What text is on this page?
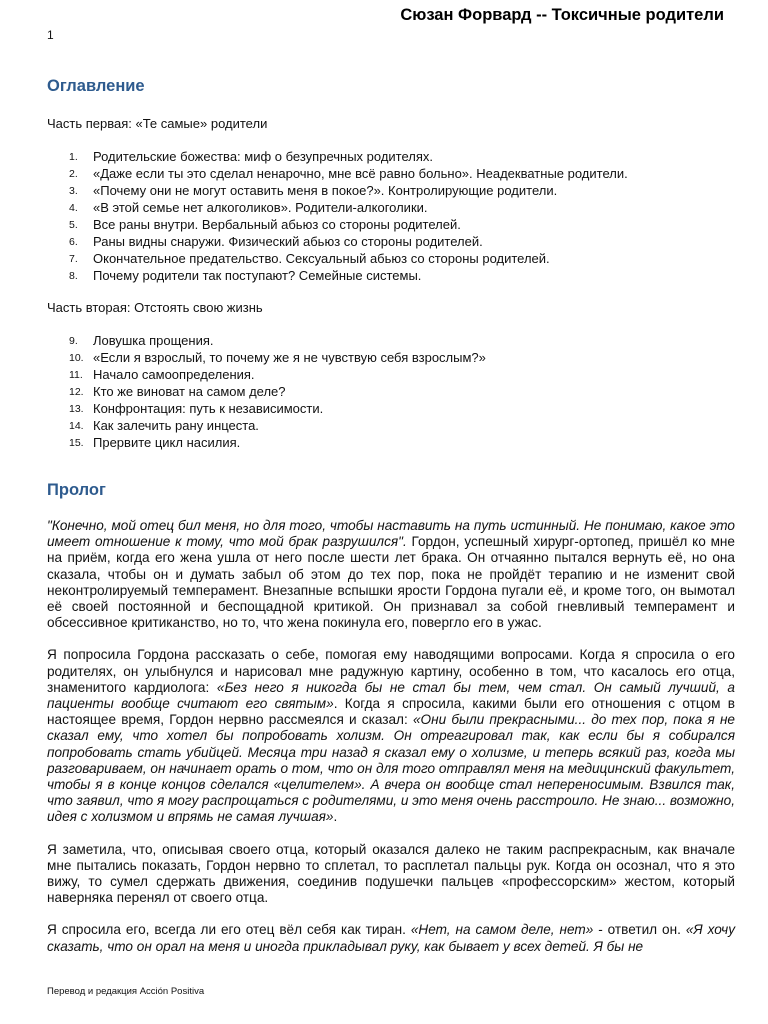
Сюзан Форвард -- Токсичные родители
1
Оглавление
Часть первая: «Те самые» родители
1.	Родительские божества: миф о безупречных родителях.
2.	«Даже если ты это сделал ненарочно, мне всё равно больно». Неадекватные родители.
3.	«Почему они не могут оставить меня в покое?». Контролирующие родители.
4.	«В этой семье нет алкоголиков». Родители-алкоголики.
5.	Все раны внутри. Вербальный абьюз со стороны родителей.
6.	Раны видны снаружи. Физический абьюз со стороны родителей.
7.	Окончательное предательство. Сексуальный абьюз со стороны родителей.
8.	Почему родители так поступают? Семейные системы.
Часть вторая: Отстоять свою жизнь
9.	Ловушка прощения.
10. «Если я взрослый, то почему же я не чувствую себя взрослым?»
11. Начало самоопределения.
12. Кто же виноват на самом деле?
13. Конфронтация: путь к независимости.
14. Как залечить рану инцеста.
15. Прервите цикл насилия.
Пролог

"Конечно, мой отец бил меня, но для того, чтобы наставить на путь истинный. Не понимаю, какое это имеет отношение к тому, что мой брак разрушился". Гордон, успешный хирург-ортопед, пришёл ко мне на приём, когда его жена ушла от него после шести лет брака. Он отчаянно пытался вернуть её, но она сказала, чтобы он и думать забыл об этом до тех пор, пока не пройдёт терапию и не изменит свой неконтролируемый темперамент. Внезапные вспышки ярости Гордона пугали её, и кроме того, он вымотал её своей постоянной и беспощадной критикой. Он признавал за собой гневливый темперамент и обсессивное критиканство, но то, что жена покинула его, повергло его в ужас.

Я попросила Гордона рассказать о себе, помогая ему наводящими вопросами. Когда я спросила о его родителях, он улыбнулся и нарисовал мне радужную картину, особенно в том, что касалось его отца, знаменитого кардиолога: «Без него я никогда бы не стал бы тем, чем стал. Он самый лучший, а пациенты вообще считают его святым». Когда я спросила, какими были его отношения с отцом в настоящее время, Гордон нервно рассмеялся и сказал: «Они были прекрасными... до тех пор, пока я не сказал ему, что хотел бы попробовать холизм. Он отреагировал так, как если бы я собирался попробовать стать убийцей. Месяца три назад я сказал ему о холизме, и теперь всякий раз, когда мы разговариваем, он начинает орать о том, что он для того отправлял меня на медицинский факультет, чтобы я в конце концов сделался «целителем». А вчера он вообще стал непереносимым. Взвился так, что заявил, что я могу распрощаться с родителями, и это меня очень расстроило. Не знаю... возможно, идея с холизмом и впрямь не самая лучшая».

Я заметила, что, описывая своего отца, который оказался далеко не таким распрекрасным, как вначале мне пытались показать, Гордон нервно то сплетал, то расплетал пальцы рук. Когда он осознал, что я это вижу, то сумел сдержать движения, соединив подушечки пальцев «профессорским» жестом, который наверняка перенял от своего отца.

Я спросила его, всегда ли его отец вёл себя как тиран. «Нет, на самом деле, нет» - ответил он. «Я хочу сказать, что он орал на меня и иногда прикладывал руку, как бывает у всех детей. Я бы не

Перевод и редакция Acción Positiva
